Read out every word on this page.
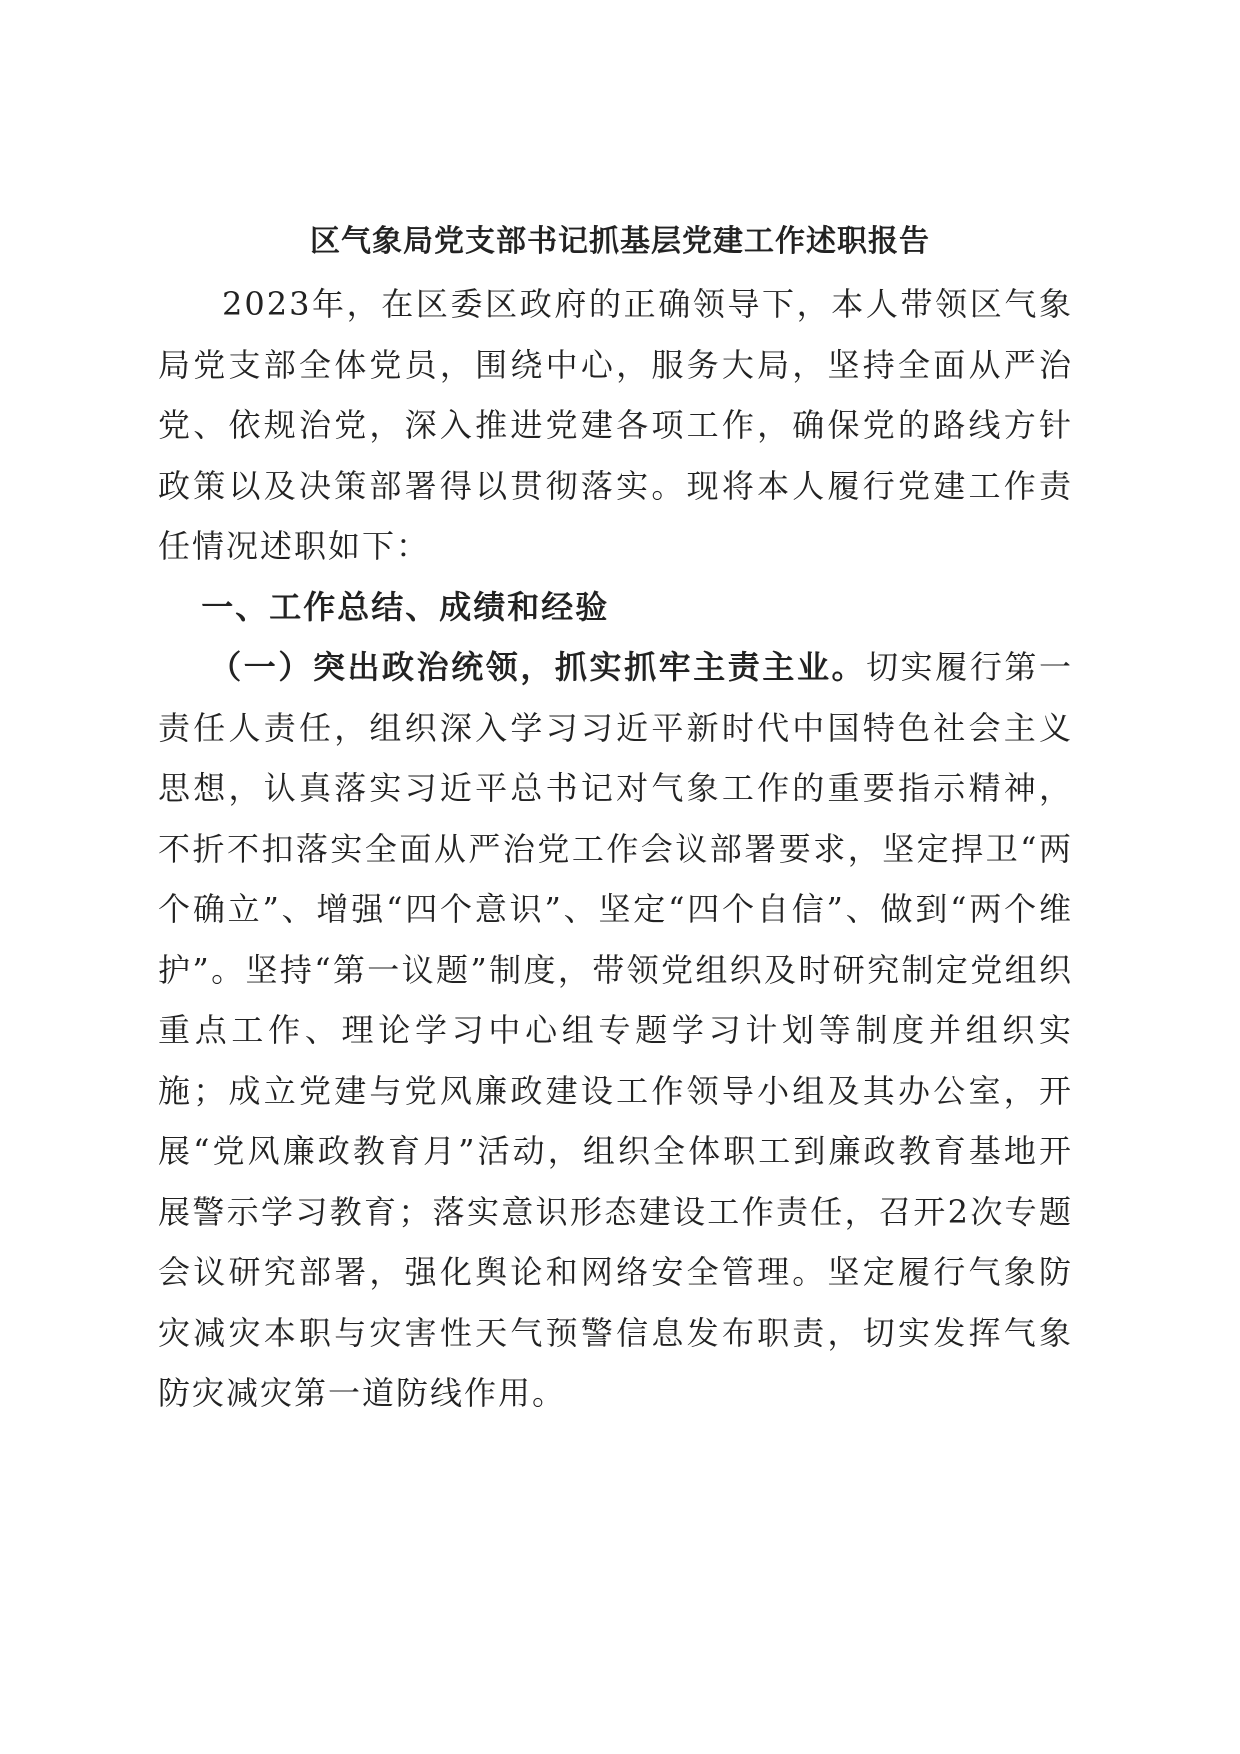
区气象局党支部书记抓基层党建工作述职报告

2023年，在区委区政府的正确领导下，本人带领区气象局党支部全体党员，围绕中心，服务大局，坚持全面从严治党、依规治党，深入推进党建各项工作，确保党的路线方针政策以及决策部署得以贯彻落实。现将本人履行党建工作责任情况述职如下：

一、工作总结、成绩和经验

（一）突出政治统领，抓实抓牢主责主业。切实履行第一责任人责任，组织深入学习习近平新时代中国特色社会主义思想，认真落实习近平总书记对气象工作的重要指示精神，不折不扣落实全面从严治党工作会议部署要求，坚定捍卫“两个确立”、增强“四个意识”、坚定“四个自信”、做到“两个维护”。坚持“第一议题”制度，带领党组织及时研究制定党组织重点工作、理论学习中心组专题学习计划等制度并组织实施；成立党建与党风廉政建设工作领导小组及其办公室，开展“党风廉政教育月”活动，组织全体职工到廉政教育基地开展警示学习教育；落实意识形态建设工作责任，召开2次专题会议研究部署，强化舆论和网络安全管理。坚定履行气象防灾减灾本职与灾害性天气预警信息发布职责，切实发挥气象防灾减灾第一道防线作用。
